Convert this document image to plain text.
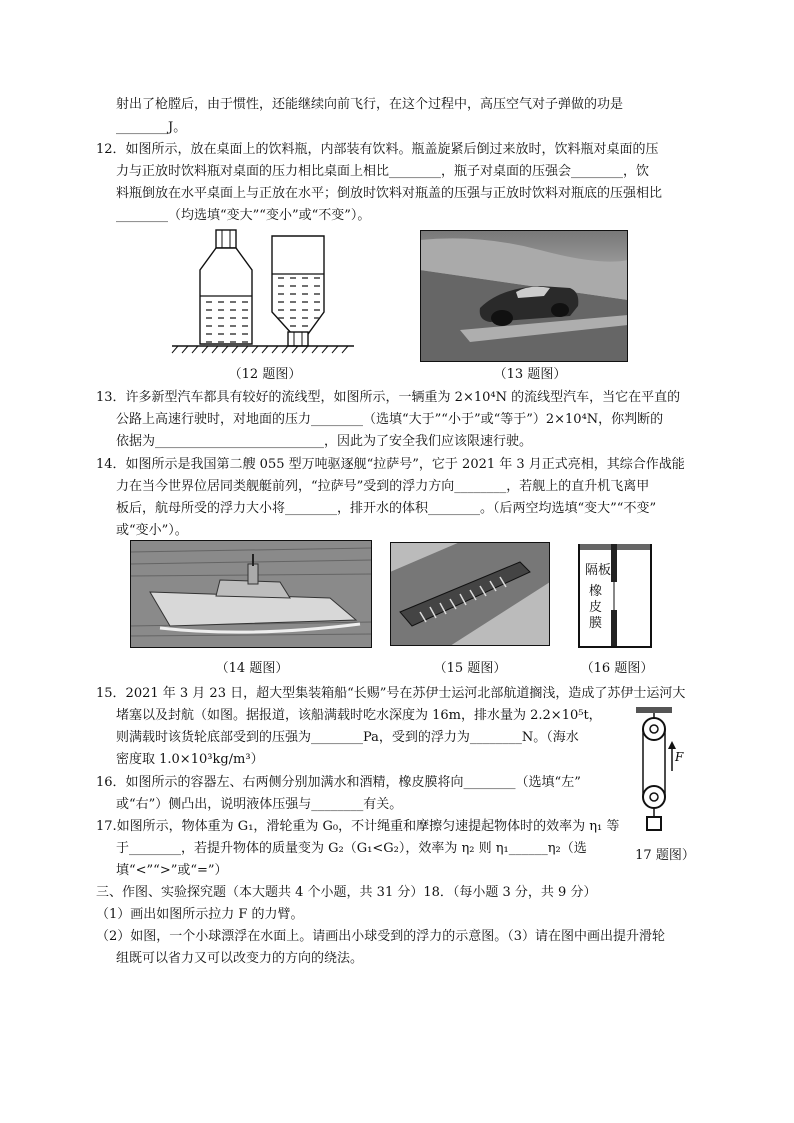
射出了枪膛后，由于惯性，还能继续向前飞行，在这个过程中，高压空气对子弹做的功是
________J。
12．如图所示，放在桌面上的饮料瓶，内部装有饮料。瓶盖旋紧后倒过来放时，饮料瓶对桌面的压
力与正放时饮料瓶对桌面的压力相比桌面上相比________，瓶子对桌面的压强会________，饮
料瓶倒放在水平桌面上与正放在水平；倒放时饮料对瓶盖的压强与正放时饮料对瓶底的压强相比
________（均选填“变大”“变小”或“不变”）。
（12 题图）	（13 题图）
13．许多新型汽车都具有较好的流线型，如图所示，一辆重为 2×10⁴N 的流线型汽车，当它在平直的
公路上高速行驶时，对地面的压力________（选填“大于”“小于”或“等于”）2×10⁴N，你判断的
依据为__________________________，因此为了安全我们应该限速行驶。
14．如图所示是我国第二艘 055 型万吨驱逐舰“拉萨号”，它于 2021 年 3 月正式亮相，其综合作战能
力在当今世界位居同类舰艇前列，“拉萨号”受到的浮力方向________，若舰上的直升机飞离甲
板后，航母所受的浮力大小将________，排开水的体积________。（后两空均选填“变大”“不变”
或“变小”）。
（14 题图）	（15 题图）
隔板
橡皮膜
（16 题图）
15．2021 年 3 月 23 日，超大型集装箱船“长赐”号在苏伊士运河北部航道搁浅，造成了苏伊士运河大
堵塞以及封航（如图。据报道，该船满载时吃水深度为 16m，排水量为 2.2×10⁵t，
则满载时该货轮底部受到的压强为________Pa，受到的浮力为________N。（海水
密度取 1.0×10³kg/m³）
16．如图所示的容器左、右两侧分别加满水和酒精，橡皮膜将向________（选填“左”
或“右”）侧凸出，说明液体压强与________有关。
17.如图所示，物体重为 G₁，滑轮重为 G₀，不计绳重和摩擦匀速提起物体时的效率为 η₁ 等
于________，若提升物体的质量变为 G₂（G₁<G₂），效率为 η₂ 则 η₁______η₂（选
填“<”“>”或“=”）
F
17 题图）
三、作图、实验探究题（本大题共 4 个小题，共 31 分）18．（每小题 3 分，共 9 分）
（1）画出如图所示拉力 F 的力臂。
（2）如图，一个小球漂浮在水面上。请画出小球受到的浮力的示意图。（3）请在图中画出提升滑轮
组既可以省力又可以改变力的方向的绕法。
